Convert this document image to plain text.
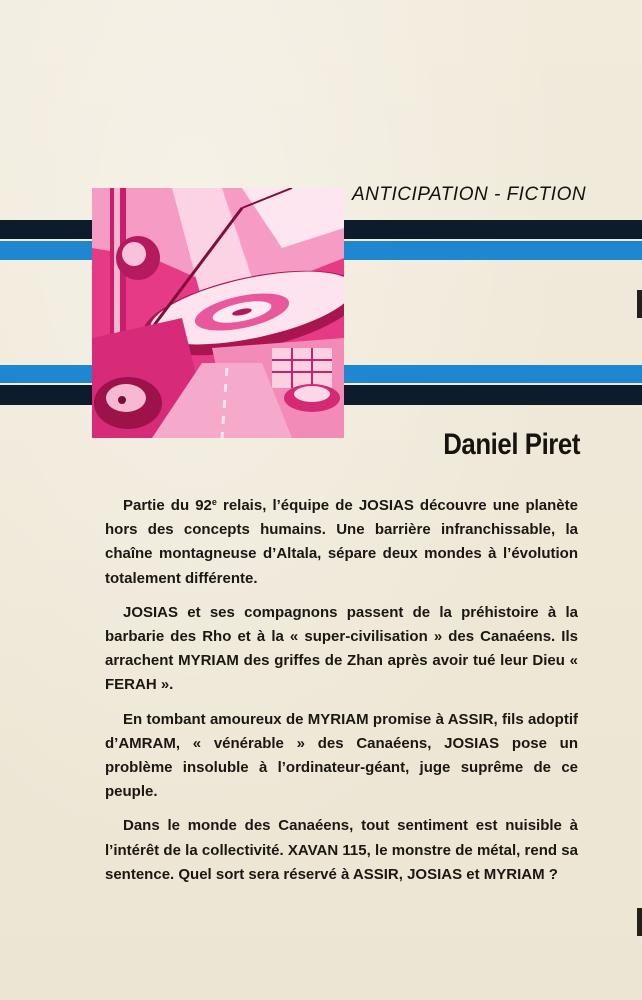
ANTICIPATION - FICTION
Daniel Piret

Partie du 92e relais, l’équipe de JOSIAS découvre une planète hors des concepts humains. Une barrière infranchissable, la chaîne montagneuse d’Altala, sépare deux mondes à l’évolution totalement différente.

JOSIAS et ses compagnons passent de la préhistoire à la barbarie des Rho et à la « super-civilisation » des Canaéens. Ils arrachent MYRIAM des griffes de Zhan après avoir tué leur Dieu « FERAH ».

En tombant amoureux de MYRIAM promise à ASSIR, fils adoptif d’AMRAM, « vénérable » des Canaéens, JOSIAS pose un problème insoluble à l’ordinateur-géant, juge suprême de ce peuple.

Dans le monde des Canaéens, tout sentiment est nuisible à l’intérêt de la collectivité. XAVAN 115, le monstre de métal, rend sa sentence. Quel sort sera réservé à ASSIR, JOSIAS et MYRIAM ?
